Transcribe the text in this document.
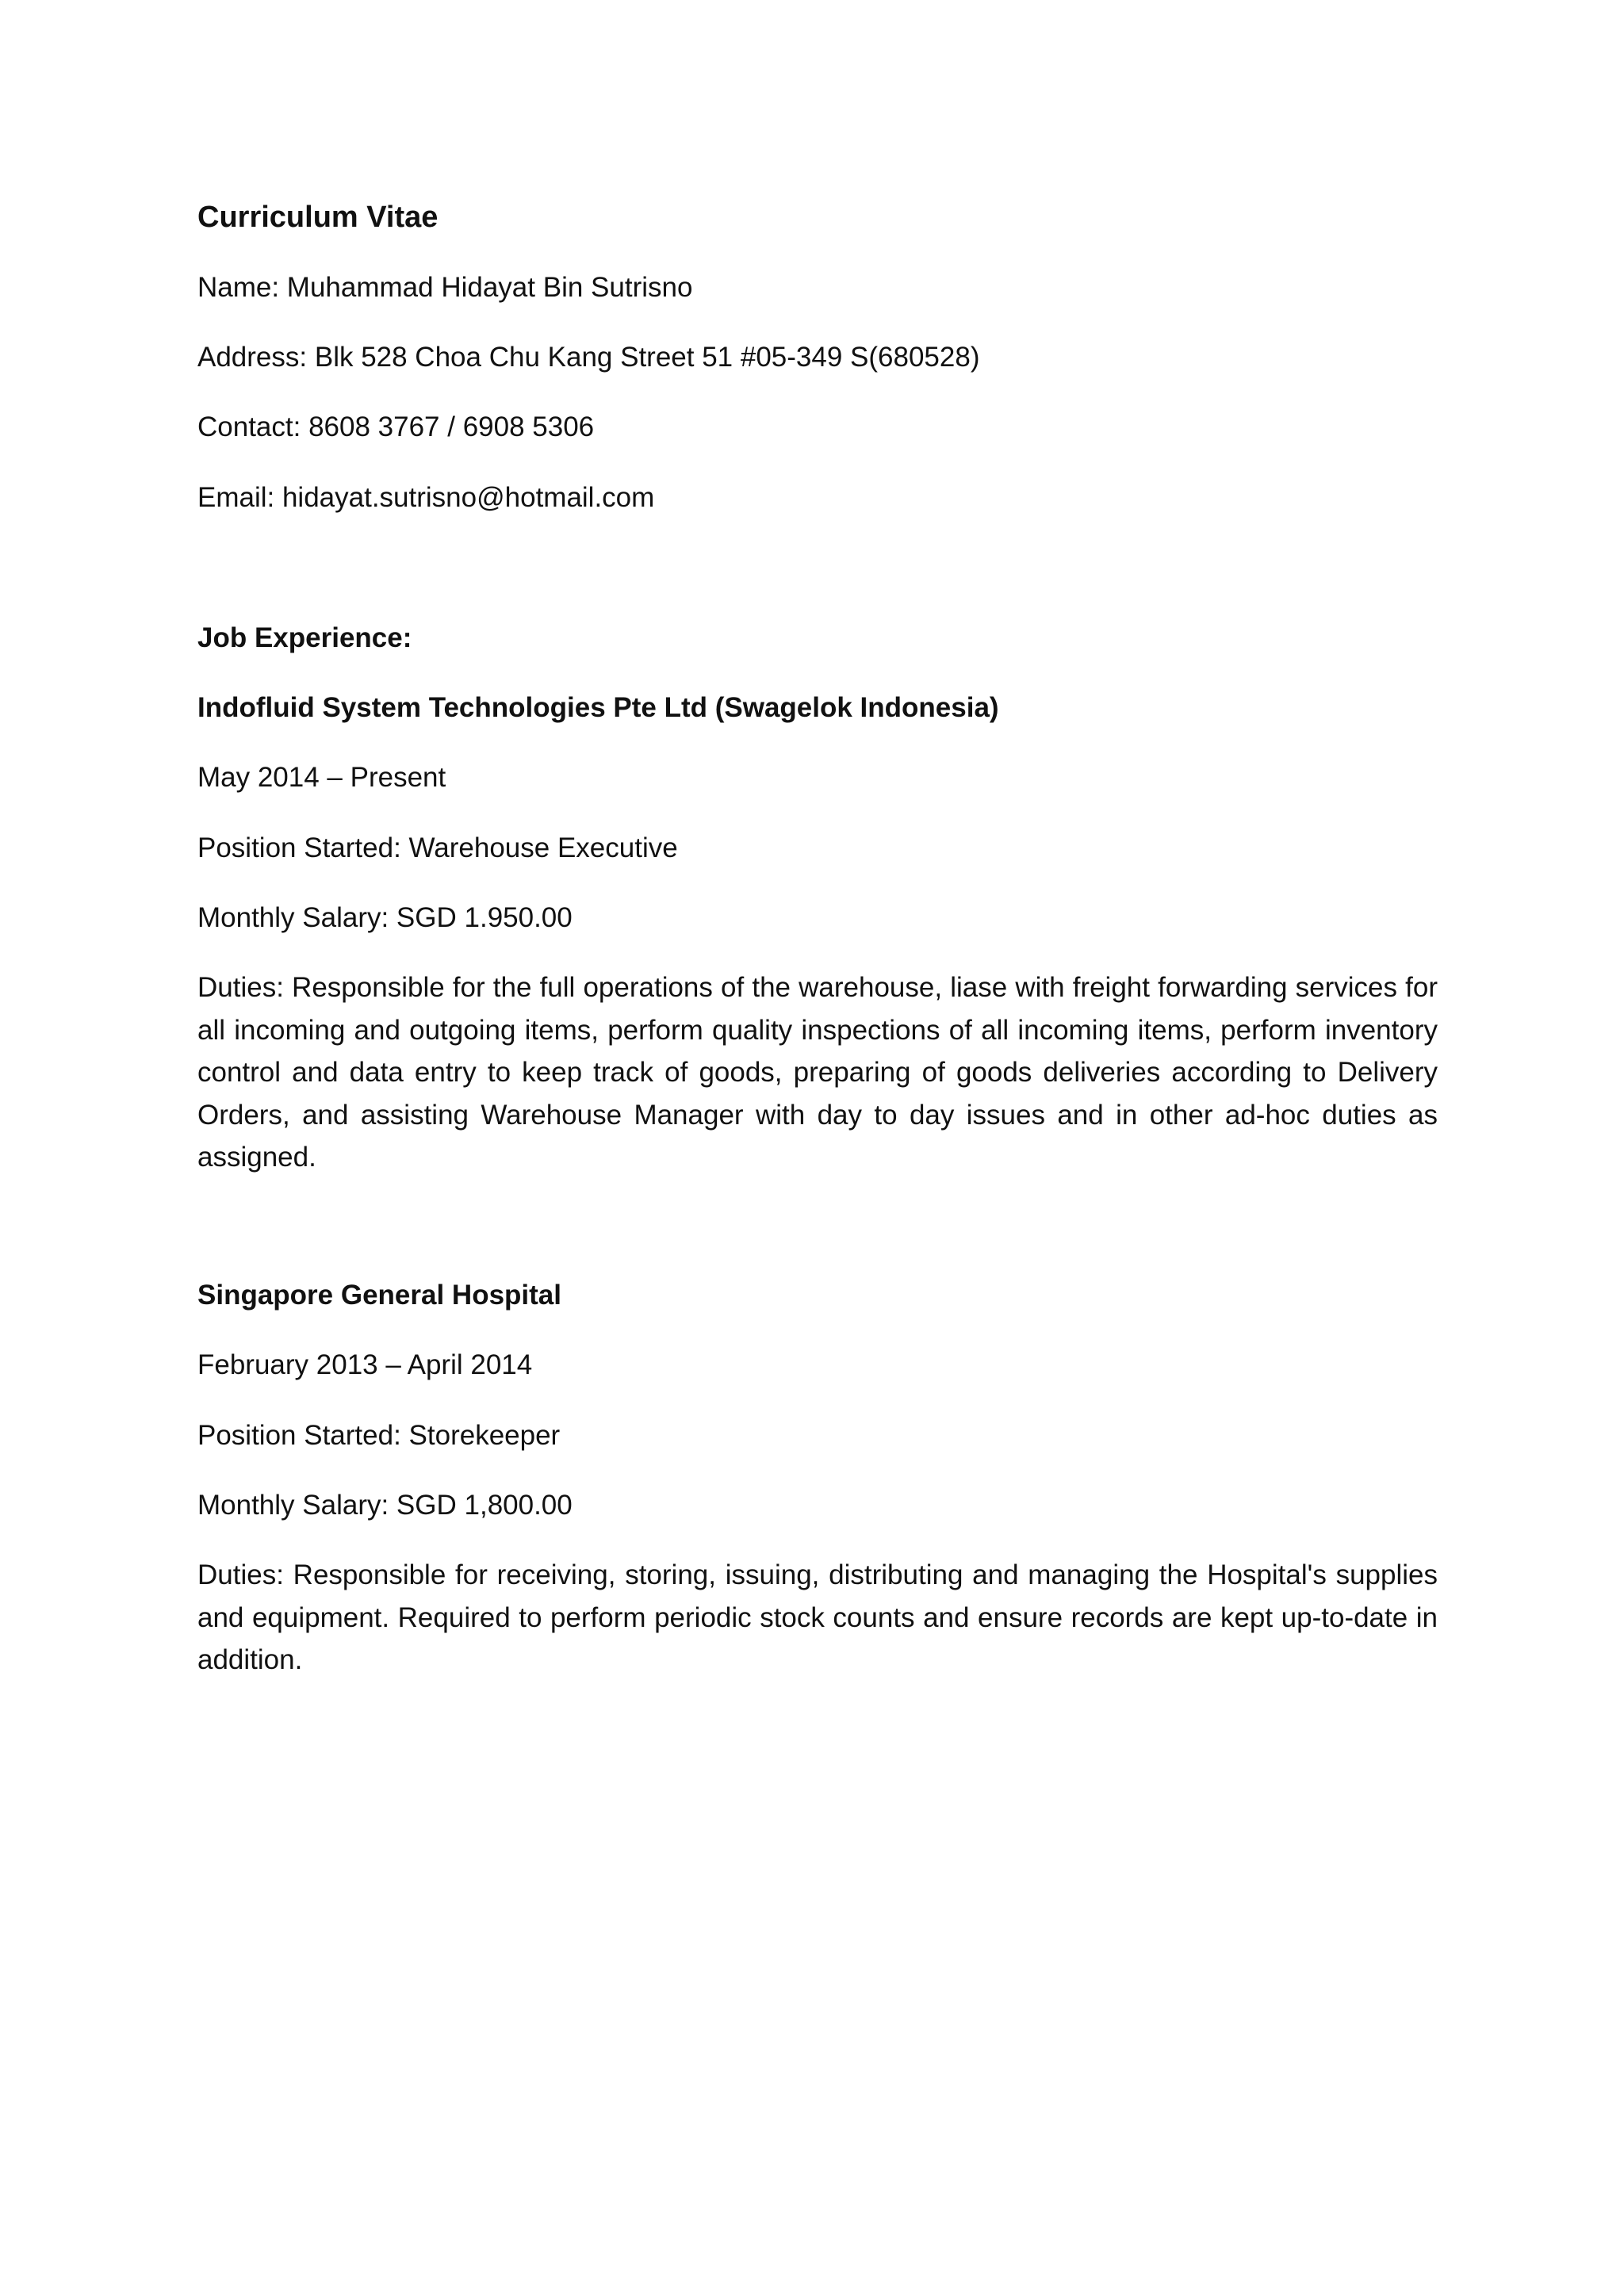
Curriculum Vitae
Name: Muhammad Hidayat Bin Sutrisno
Address: Blk 528 Choa Chu Kang Street 51 #05-349 S(680528)
Contact: 8608 3767 / 6908 5306
Email: hidayat.sutrisno@hotmail.com
Job Experience:
Indofluid System Technologies Pte Ltd (Swagelok Indonesia)
May 2014 – Present
Position Started: Warehouse Executive
Monthly Salary: SGD 1.950.00
Duties: Responsible for the full operations of the warehouse, liase with freight forwarding services for all incoming and outgoing items, perform quality inspections of all incoming items, perform inventory control and data entry to keep track of goods, preparing of goods deliveries according to Delivery Orders, and assisting Warehouse Manager with day to day issues and in other ad-hoc duties as assigned.
Singapore General Hospital
February 2013 – April 2014
Position Started: Storekeeper
Monthly Salary: SGD 1,800.00
Duties: Responsible for receiving, storing, issuing, distributing and managing the Hospital's supplies and equipment. Required to perform periodic stock counts and ensure records are kept up-to-date in addition.
